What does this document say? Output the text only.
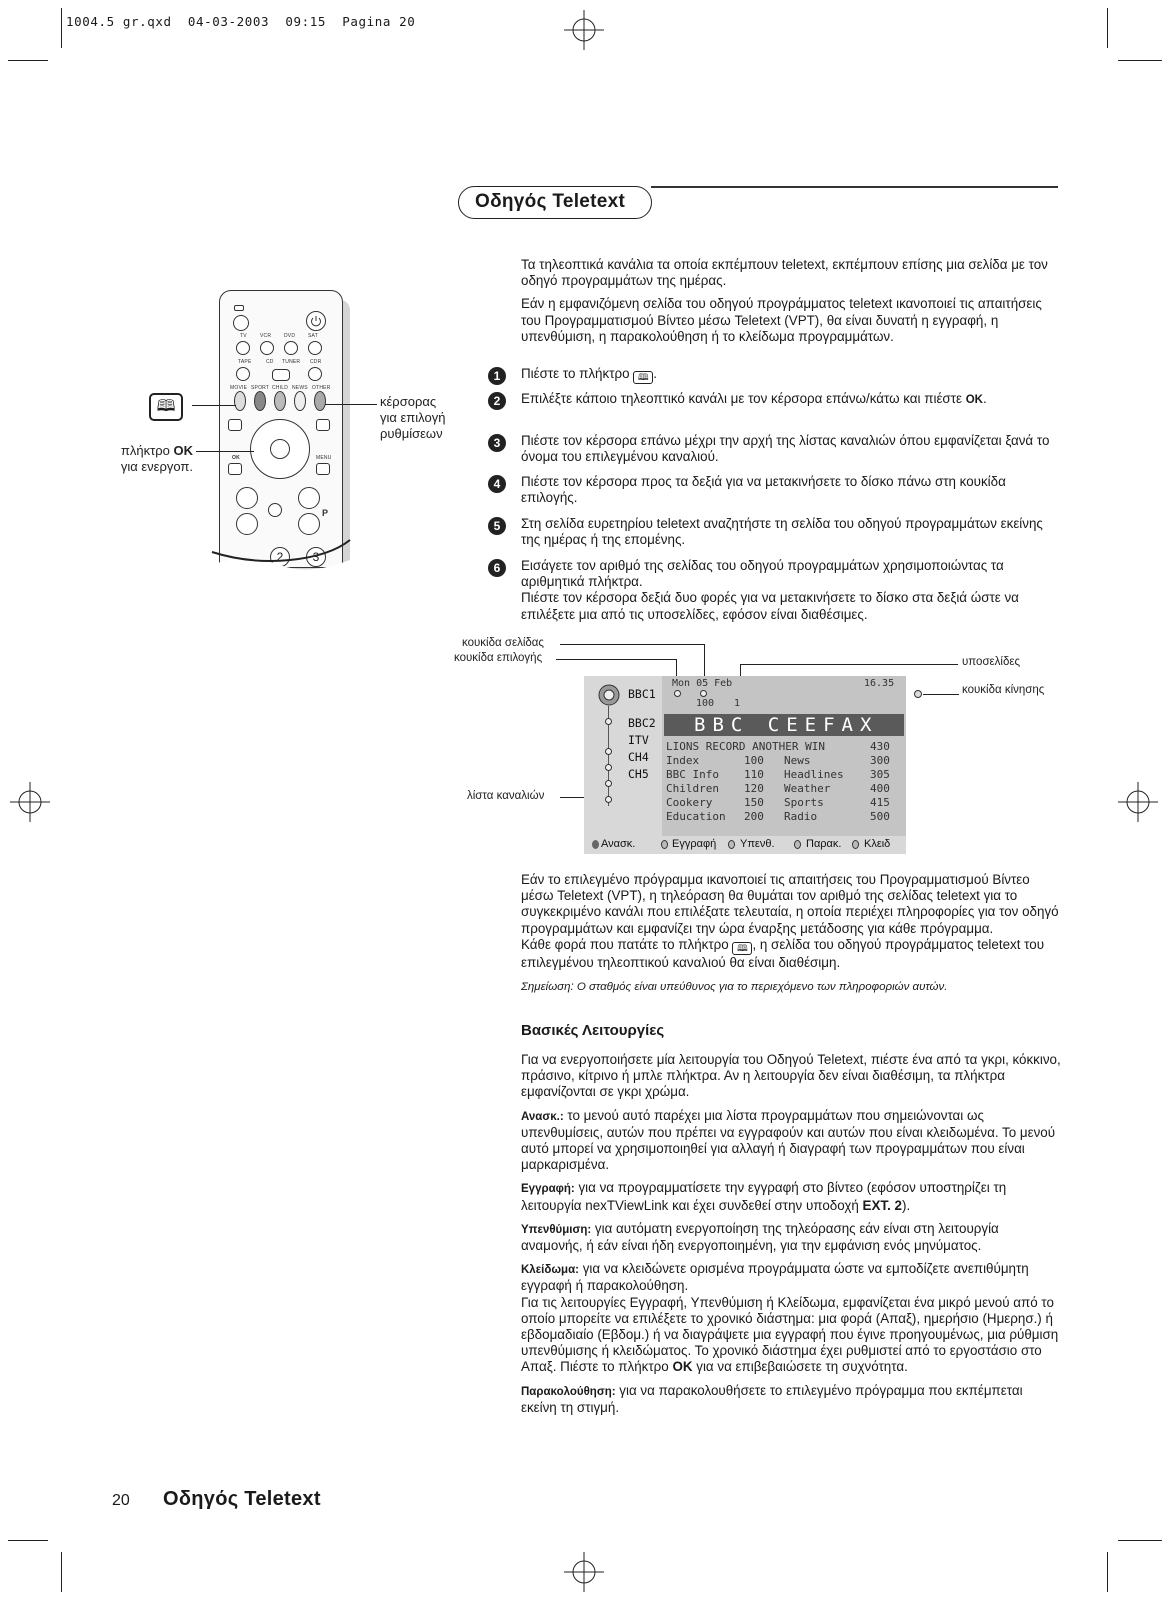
1004.5 gr.qxd  04-03-2003  09:15  Pagina 20
Οδηγός Teletext

Τα τηλεοπτικά κανάλια τα οποία εκπέμπουν teletext, εκπέμπουν επίσης μια σελίδα με τον οδηγό προγραμμάτων της ημέρας.

Εάν η εμφανιζόμενη σελίδα του οδηγού προγράμματος teletext ικανοποιεί τις απαιτήσεις του Προγραμματισμού Βίντεο μέσω Teletext (VPT), θα είναι δυνατή η εγγραφή, η υπενθύμιση, η παρακολούθηση ή το κλείδωμα προγραμμάτων.

1	Πιέστε το πλήκτρο 🕮 .
2	Επιλέξτε κάποιο τηλεοπτικό κανάλι με τον κέρσορα επάνω/κάτω και πιέστε OK.
3	Πιέστε τον κέρσορα επάνω μέχρι την αρχή της λίστας καναλιών όπου εμφανίζεται ξανά το όνομα του επιλεγμένου καναλιού.
4	Πιέστε τον κέρσορα προς τα δεξιά για να μετακινήσετε το δίσκο πάνω στη κουκίδα επιλογής.
5	Στη σελίδα ευρετηρίου teletext αναζητήστε τη σελίδα του οδηγού προγραμμάτων εκείνης της ημέρας ή της επομένης.
6	Εισάγετε τον αριθμό της σελίδας του οδηγού προγραμμάτων χρησιμοποιώντας τα αριθμητικά πλήκτρα.
Πιέστε τον κέρσορα δεξιά δυο φορές για να μετακινήσετε το δίσκο στα δεξιά ώστε να επιλέξετε μια από τις υποσελίδες, εφόσον είναι διαθέσιμες.
TV	VCR	DVD	SAT
TAPE	CD TUNER CDR
MOVIE SPORT CHILD NEWS OTHER
OK	MENU
P
2	3
🕮	κέρσορας
για επιλογή
ρυθμίσεων
πλήκτρο OK
για ενεργοπ.
κουκίδα σελίδας
κουκίδα επιλογής	υποσελίδες
κουκίδα κίνησης
λίστα καναλιών
BBC1
BBC2
ITV
CH4
CH5
Mon 05 Feb	16.35
100 1
BBC CEEFAX
LIONS RECORD ANOTHER WIN	430
Index	100 News	300
BBC Info 110 Headlines 305
Children 120 Weather	400
Cookery	150 Sports	415
Education 200 Radio	500
Ανασκ.	Εγγραφή Υπενθ.	Παρακ. Κλειδ

Εάν το επιλεγμένο πρόγραμμα ικανοποιεί τις απαιτήσεις του Προγραμματισμού Βίντεο μέσω Teletext (VPT), η τηλεόραση θα θυμάται τον αριθμό της σελίδας teletext για το συγκεκριμένο κανάλι που επιλέξατε τελευταία, η οποία περιέχει πληροφορίες για τον οδηγό προγραμμάτων και εμφανίζει την ώρα έναρξης μετάδοσης για κάθε πρόγραμμα.

Κάθε φορά που πατάτε το πλήκτρο 🕮 , η σελίδα του οδηγού προγράμματος teletext του επιλεγμένου τηλεοπτικού καναλιού θα είναι διαθέσιμη.

Σημείωση: Ο σταθμός είναι υπεύθυνος για το περιεχόμενο των πληροφοριών αυτών.

Βασικές Λειτουργίες

Για να ενεργοποιήσετε μία λειτουργία του Οδηγού Teletext, πιέστε ένα από τα γκρι, κόκκινο, πράσινο, κίτρινο ή μπλε πλήκτρα. Αν η λειτουργία δεν είναι διαθέσιμη, τα πλήκτρα εμφανίζονται σε γκρι χρώμα.

Ανασκ.: το μενού αυτό παρέχει μια λίστα προγραμμάτων που σημειώνονται ως υπενθυμίσεις, αυτών που πρέπει να εγγραφούν και αυτών που είναι κλειδωμένα. Το μενού αυτό μπορεί να χρησιμοποιηθεί για αλλαγή ή διαγραφή των προγραμμάτων που είναι μαρκαρισμένα.

Εγγραφή: για να προγραμματίσετε την εγγραφή στο βίντεο (εφόσον υποστηρίζει τη λειτουργία nexTViewLink και έχει συνδεθεί στην υποδοχή EXT. 2).

Υπενθύμιση: για αυτόματη ενεργοποίηση της τηλεόρασης εάν είναι στη λειτουργία αναμονής, ή εάν είναι ήδη ενεργοποιημένη, για την εμφάνιση ενός μηνύματος.

Κλείδωμα: για να κλειδώνετε ορισμένα προγράμματα ώστε να εμποδίζετε ανεπιθύμητη εγγραφή ή παρακολούθηση.
Για τις λειτουργίες Εγγραφή, Υπενθύμιση ή Κλείδωμα, εμφανίζεται ένα μικρό μενού από το οποίο μπορείτε να επιλέξετε το χρονικό διάστημα: μια φορά (Απαξ), ημερήσιο (Ημερησ.) ή εβδομαδιαίο (Εβδομ.) ή να διαγράψετε μια εγγραφή που έγινε προηγουμένως, μια ρύθμιση υπενθύμισης ή κλειδώματος. Το χρονικό διάστημα έχει ρυθμιστεί από το εργοστάσιο στο Απαξ. Πιέστε το πλήκτρο OK για να επιβεβαιώσετε τη συχνότητα.

Παρακολούθηση: για να παρακολουθήσετε το επιλεγμένο πρόγραμμα που εκπέμπεται εκείνη τη στιγμή.

20 Οδηγός Teletext
